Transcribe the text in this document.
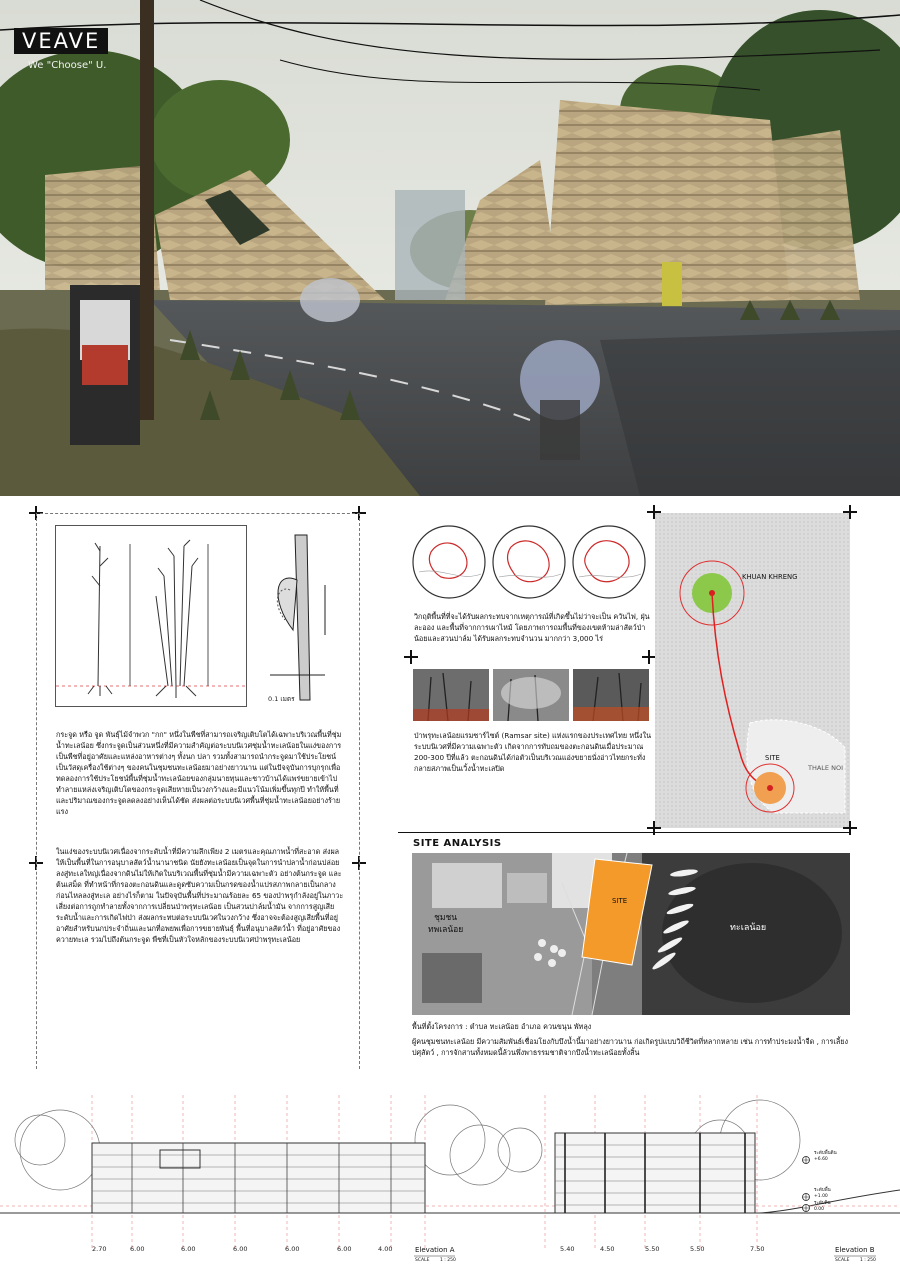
VEAVE
We "Choose" U.
0.1 เมตร
กระจูด หรือ จูด พันธุ์ไม้จำพวก "กก" หนึ่งในพืชที่สามารถเจริญเติบโตได้เฉพาะบริเวณพื้นที่ชุ่มน้ำทะเลน้อย ซึ่งกระจูดเป็นส่วนหนึ่งที่มีความสำคัญต่อระบบนิเวศชุ่มน้ำทะเลน้อยในแง่ของการเป็นพืชที่อยู่อาศัยและแหล่งอาหารต่างๆ ทั้งนก ปลา รวมทั้งสามารถนำกระจูดมาใช้ประโยชน์ เป็นวัสดุเครื่องใช้ต่างๆ ของคนในชุมชนทะเลน้อยมาอย่างยาวนาน แต่ในปัจจุบันการบุกรุกเพื่อทดลองการใช้ประโยชน์พื้นที่ชุ่มน้ำทะเลน้อยของกลุ่มนายทุนและชาวบ้านได้แพร่ขยายเข้าไปทำลายแหล่งเจริญเติบโตของกระจูดเสียหายเป็นวงกว้างและมีแนวโน้มเพิ่มขึ้นทุกปี ทำให้พื้นที่และปริมาณของกระจูดลดลงอย่างเห็นได้ชัด ส่งผลต่อระบบนิเวศพื้นที่ชุ่มน้ำทะเลน้อยอย่างร้ายแรง
ในแง่ของระบบนิเวศเนื่องจากระดับน้ำที่มีความลึกเพียง 2 เมตรและคุณภาพน้ำที่สะอาด ส่งผลให้เป็นพื้นที่ในการอนุบาลสัตว์น้ำนานาชนิด นัยยังทะเลน้อยเป็นจุดในการนำปลาน้ำก่อนปล่อยลงสู่ทะเลใหญ่เนื่องจากดินไม่ให้เกิดในบริเวณพื้นที่ชุ่มน้ำมีความเฉพาะตัว อย่างต้นกระจูด และ ต้นเสม็ด ที่ทำหน้าที่กรองตะกอนดินและดูดซับความเป็นกรดของน้ำแปรสภาพกลายเป็นกลางก่อนไหลลงสู่ทะเล อย่างไรก็ตาม ในปัจจุบันพื้นที่ประมาณร้อยละ 65 ของป่าพรุกำลังอยู่ในภาวะเสี่ยงต่อการถูกทำลายทั้งจากการเปลี่ยนป่าพรุทะเลน้อย เป็นสวนปาล์มน้ำมัน จากการสูญเสียระดับน้ำและการเกิดไฟป่า ส่งผลกระทบต่อระบบนิเวศในวงกว้าง ซึ่งอาจจะต้องสูญเสียพื้นที่อยู่อาศัยสำหรับนกประจำถิ่นและนกที่อพยพเพื่อการขยายพันธุ์ พื้นที่อนุบาลสัตว์น้ำ ที่อยู่อาศัยของควายทะเล รวมไปถึงต้นกระจูด พืชที่เป็นหัวใจหลักของระบบนิเวศป่าพรุทะเลน้อย
วิกฤติพื้นที่ที่จะได้รับผลกระทบจากเหตุการณ์ที่เกิดขึ้นไม่ว่าจะเป็น ควันไฟ, ฝุ่นละออง และพื้นที่จากการเผาไหม้ โดยภาพการถมพื้นที่ของเขตห้ามล่าสัตว์ป่าน้อยและสวนปาล์ม ได้รับผลกระทบจำนวน มากกว่า 3,000 ไร่
ป่าพรุทะเลน้อยแรมซาร์ไซต์ (Ramsar site) แห่งแรกของประเทศไทย หนึ่งในระบบนิเวศที่มีความเฉพาะตัว เกิดจากการทับถมของตะกอนดินเมื่อประมาณ 200-300 ปีที่แล้ว ตะกอนดินได้ก่อตัวเป็นบริเวณแอ่งขยายนั่งอ่าวไทยกระทั่งกลายสภาพเป็นเวิ้งน้ำทะเลปิด
KHUAN KHRENG
SITE
THALE NOI
SITE ANALYSIS
SITE
ชุมชน
ทพเลน้อย	ทะเลน้อย
พื้นที่ตั้งโครงการ : ตำบล ทะเลน้อย อำเภอ ควนขนุน พัทลุง
ผู้คนชุมชนทะเลน้อย มีความสัมพันธ์เชื่อมโยงกับบึงน้ำนี้มาอย่างยาวนาน ก่อเกิดรูปแบบวิถีชีวิตที่หลากหลาย เช่น การทำประมงน้ำจืด , การเลี้ยงปศุสัตว์ , การจักสานทั้งหมดนี้ล้วนพึ่งพาธรรมชาติจากบึงน้ำทะเลน้อยทั้งสิ้น
2.70	6.00	6.00	6.00	6.00	6.00	4.00	Elevation A
SCALE 1 : 250
5.40	4.50	5.50	5.50	7.50	Elevation B
SCALE 1 : 250
ระดับพื้นดิน
+6.60
ระดับพื้น
+1.00
ระดับดิน
0.00
